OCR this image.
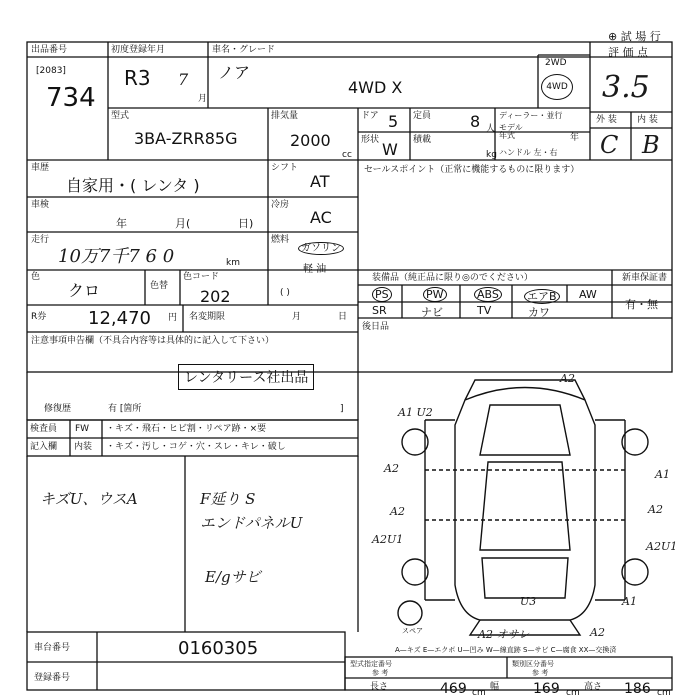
⊕ 試 場 行
出品番号
[2083]
734
初度登録年月
R3 7
月
車名・グレード
ノア
4WD X
2WD
4WD
評 価 点
3.5
外 装 内 装
C B
型式
3BA-ZRR85G
排気量
2000
cc
ドア 5 定員 8 人
形状 W 積載
kg
ディーラー・並行
モデル年式	年
ハンドル 左・右
車歴
自家用・( レンタ )
シフト
AT
車検
年	月(	日)
冷房
AC
走行
10万7千7 6 0	km
燃料
ガソリン
軽 油
( )
色
クロ	色替
色コード
202
R券 12,470 円 名変期限	月	日
セールスポイント（正常に機能するものに限ります）
装備品（純正品に限り◎のでください）	新車保証書
有・無
PS	PW	ABS	エアB AW
SR	ナビ	TV	カワ
後日品
注意事項申告欄（不具合内容等は具体的に記入して下さい）
レンタリース社出品
修復歴	有 [箇所	]
検査員
記入欄
FW
内装
・キズ・飛石・ヒビ割・リペア跡・×要
・キズ・汚し・コゲ・穴・スレ・キレ・破し
キズU、ウスA	F延り S
エンドパネルU
E/gサビ
A2
A1 U2
A2
A2
A2U1
A1
A2
A2U1
A1
U3
A2 オサレ	A2
スペア
A—キズ E—エクボ U—凹み W—線直跡 S—サビ C—腐食 XX—交換済
車台番号	0160305
登録番号
型式指定番号
参 考
類別区分番号
参 考
長さ	469 cm
幅 169 cm
高さ 186 cm
